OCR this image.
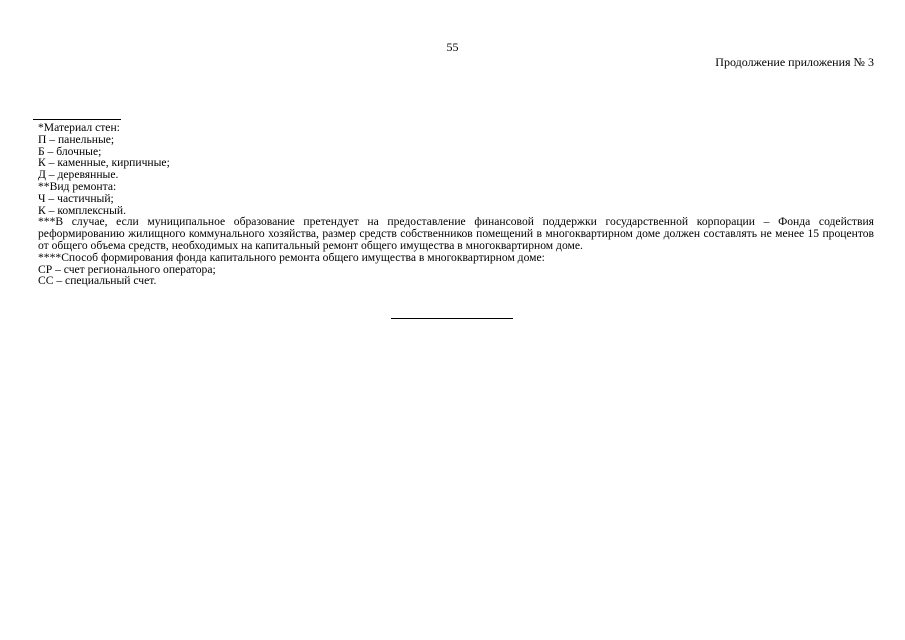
55
Продолжение приложения № 3
*Материал стен:
П – панельные;
Б – блочные;
К – каменные, кирпичные;
Д – деревянные.
**Вид ремонта:
Ч – частичный;
К – комплексный.
***В случае, если муниципальное образование претендует на предоставление финансовой поддержки государственной корпорации – Фонда содействия реформированию жилищного коммунального хозяйства, размер средств собственников помещений в многоквартирном доме должен составлять не менее 15 процентов от общего объема средств, необходимых на капитальный ремонт общего имущества в многоквартирном доме.
****Способ формирования фонда капитального ремонта общего имущества в многоквартирном доме:
СР – счет регионального оператора;
СС – специальный счет.
